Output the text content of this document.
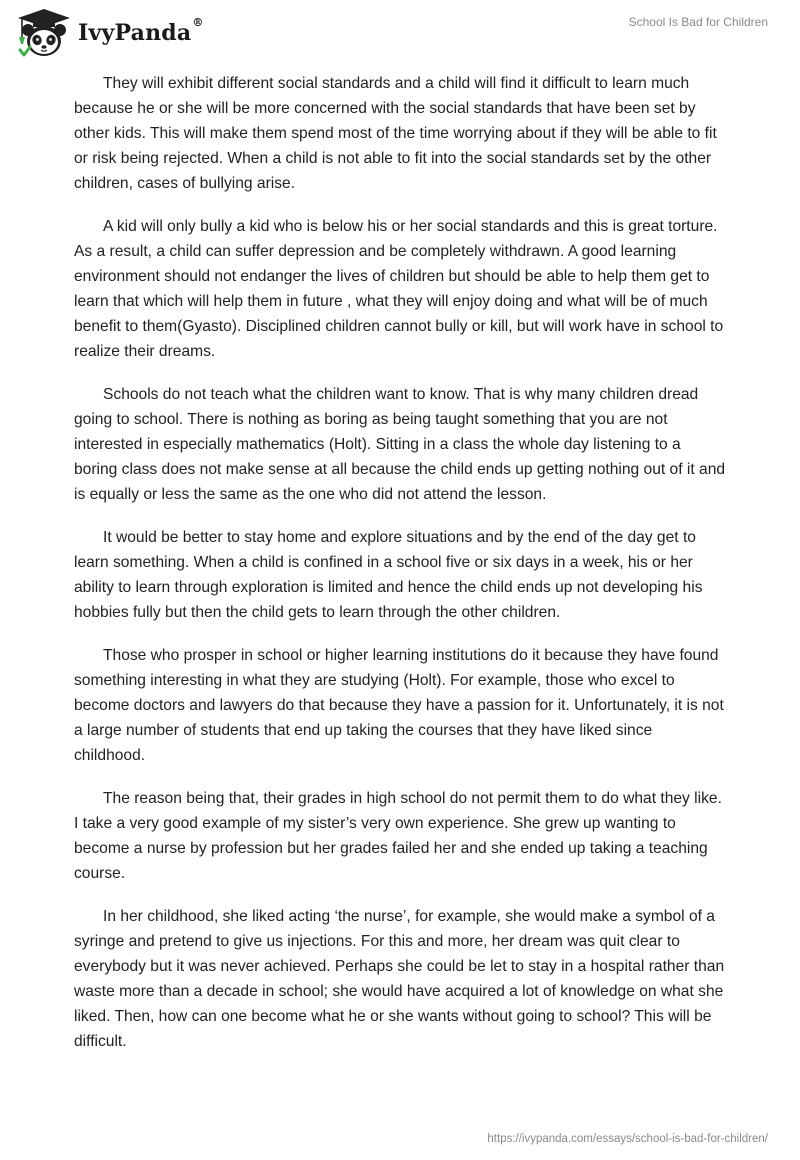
IvyPanda®	School Is Bad for Children

They will exhibit different social standards and a child will find it difficult to learn much because he or she will be more concerned with the social standards that have been set by other kids. This will make them spend most of the time worrying about if they will be able to fit or risk being rejected. When a child is not able to fit into the social standards set by the other children, cases of bullying arise.

A kid will only bully a kid who is below his or her social standards and this is great torture. As a result, a child can suffer depression and be completely withdrawn. A good learning environment should not endanger the lives of children but should be able to help them get to learn that which will help them in future , what they will enjoy doing and what will be of much benefit to them(Gyasto). Disciplined children cannot bully or kill, but will work have in school to realize their dreams.

Schools do not teach what the children want to know. That is why many children dread going to school. There is nothing as boring as being taught something that you are not interested in especially mathematics (Holt). Sitting in a class the whole day listening to a boring class does not make sense at all because the child ends up getting nothing out of it and is equally or less the same as the one who did not attend the lesson.

It would be better to stay home and explore situations and by the end of the day get to learn something. When a child is confined in a school five or six days in a week, his or her ability to learn through exploration is limited and hence the child ends up not developing his hobbies fully but then the child gets to learn through the other children.

Those who prosper in school or higher learning institutions do it because they have found something interesting in what they are studying (Holt). For example, those who excel to become doctors and lawyers do that because they have a passion for it. Unfortunately, it is not a large number of students that end up taking the courses that they have liked since childhood.

The reason being that, their grades in high school do not permit them to do what they like. I take a very good example of my sister’s very own experience. She grew up wanting to become a nurse by profession but her grades failed her and she ended up taking a teaching course.

In her childhood, she liked acting ‘the nurse’, for example, she would make a symbol of a syringe and pretend to give us injections. For this and more, her dream was quit clear to everybody but it was never achieved. Perhaps she could be let to stay in a hospital rather than waste more than a decade in school; she would have acquired a lot of knowledge on what she liked. Then, how can one become what he or she wants without going to school? This will be difficult.

https://ivypanda.com/essays/school-is-bad-for-children/
